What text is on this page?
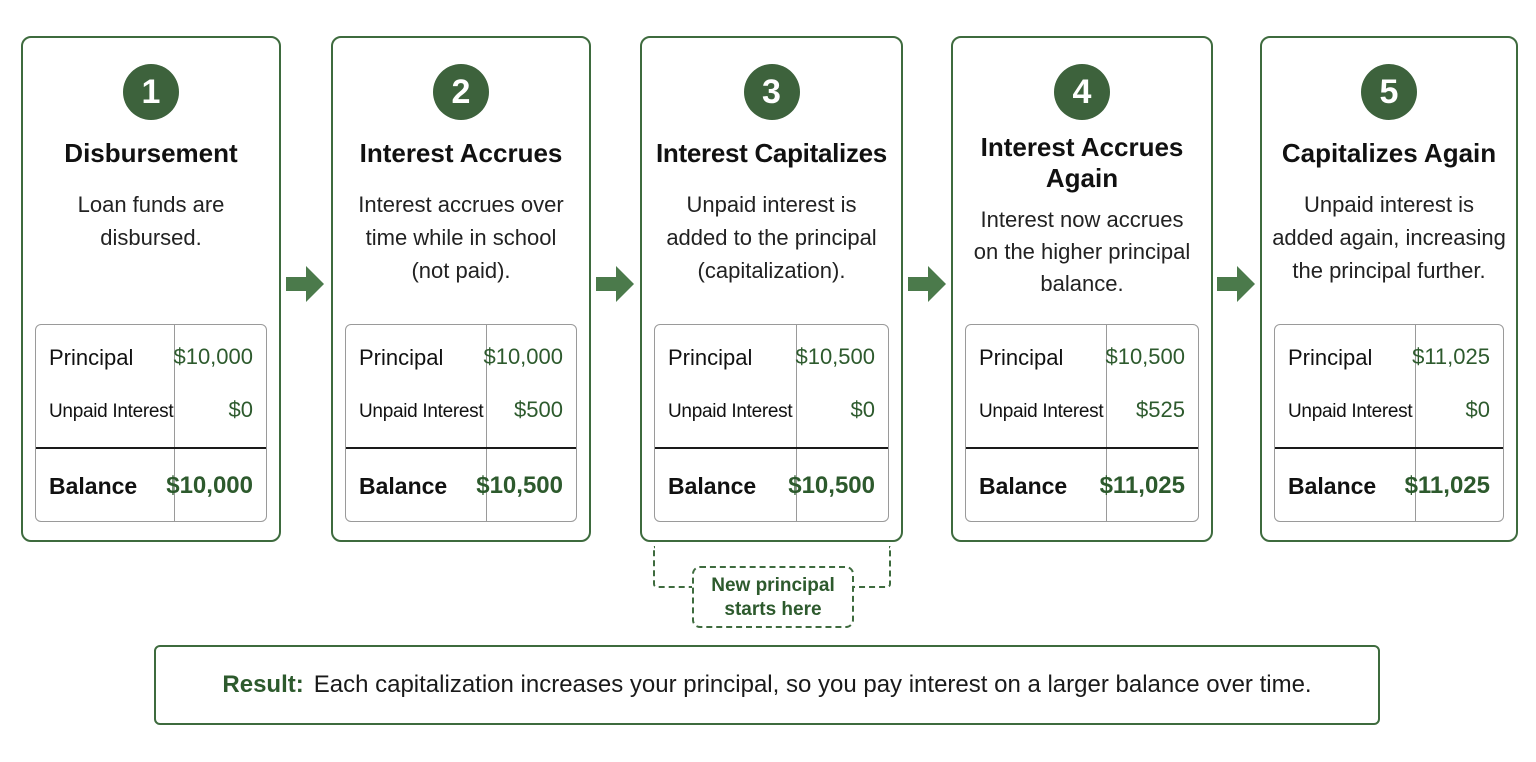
1
Disbursement
Loan funds are disbursed.
Principal $10,000
Unpaid Interest	$0
Balance $10,000
2
Interest Accrues
Interest accrues over time while in school (not paid).
Principal $10,000
Unpaid Interest $500
Balance $10,500
3
Interest Capitalizes
Unpaid interest is added to the principal (capitalization).
Principal $10,500
Unpaid Interest	$0
Balance $10,500
4
Interest Accrues Again
Interest now accrues on the higher principal balance.
Principal $10,500
Unpaid Interest $525
Balance $11,025
5
Capitalizes Again
Unpaid interest is added again, increasing the principal further.
Principal $11,025
Unpaid Interest $0
Balance $11,025
New principal
starts here
Result: Each capitalization increases your principal, so you pay interest on a larger balance over time.
